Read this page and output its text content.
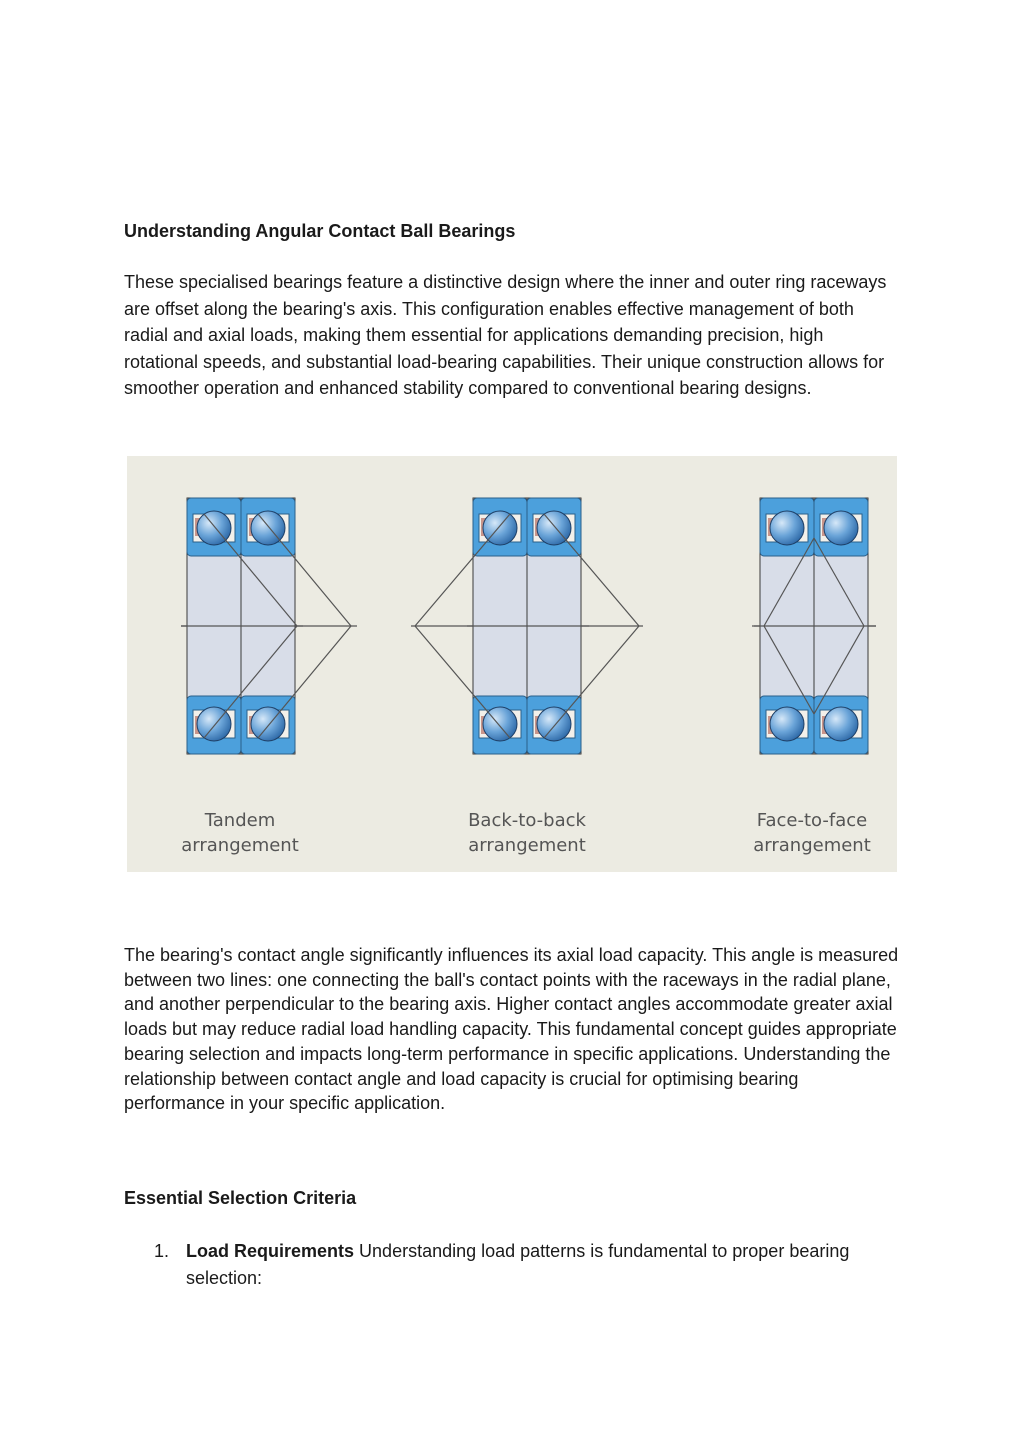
Understanding Angular Contact Ball Bearings

These specialised bearings feature a distinctive design where the inner and outer ring raceways are offset along the bearing's axis. This configuration enables effective management of both radial and axial loads, making them essential for applications demanding precision, high rotational speeds, and substantial load-bearing capabilities. Their unique construction allows for smoother operation and enhanced stability compared to conventional bearing designs.

Tandem
arrangement
Back-to-back
arrangement
Face-to-face
arrangement

The bearing's contact angle significantly influences its axial load capacity. This angle is measured between two lines: one connecting the ball's contact points with the raceways in the radial plane, and another perpendicular to the bearing axis. Higher contact angles accommodate greater axial loads but may reduce radial load handling capacity. This fundamental concept guides appropriate bearing selection and impacts long-term performance in specific applications. Understanding the relationship between contact angle and load capacity is crucial for optimising bearing performance in your specific application.

Essential Selection Criteria
1. Load Requirements Understanding load patterns is fundamental to proper bearing selection:
